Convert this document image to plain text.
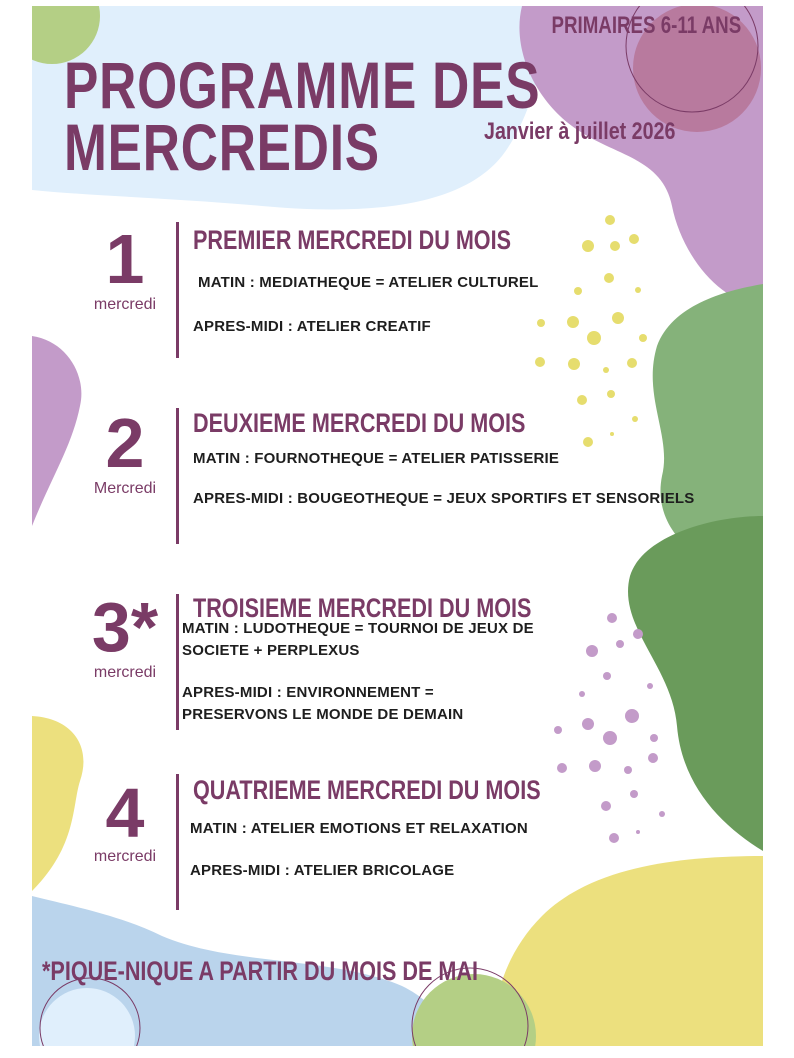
PRIMAIRES 6-11 ANS
PROGRAMME DES
MERCREDIS	Janvier à juillet 2026
1
mercredi
PREMIER MERCREDI DU MOIS
MATIN : MEDIATHEQUE = ATELIER CULTUREL
APRES-MIDI : ATELIER CREATIF
2
Mercredi
DEUXIEME MERCREDI DU MOIS
MATIN : FOURNOTHEQUE = ATELIER PATISSERIE
APRES-MIDI : BOUGEOTHEQUE = JEUX SPORTIFS ET SENSORIELS
3*
mercredi
TROISIEME MERCREDI DU MOIS
MATIN : LUDOTHEQUE = TOURNOI DE JEUX DE
SOCIETE + PERPLEXUS
APRES-MIDI : ENVIRONNEMENT =
PRESERVONS LE MONDE DE DEMAIN
4
mercredi
QUATRIEME MERCREDI DU MOIS
MATIN : ATELIER EMOTIONS ET RELAXATION
APRES-MIDI : ATELIER BRICOLAGE
*PIQUE-NIQUE A PARTIR DU MOIS DE MAI
